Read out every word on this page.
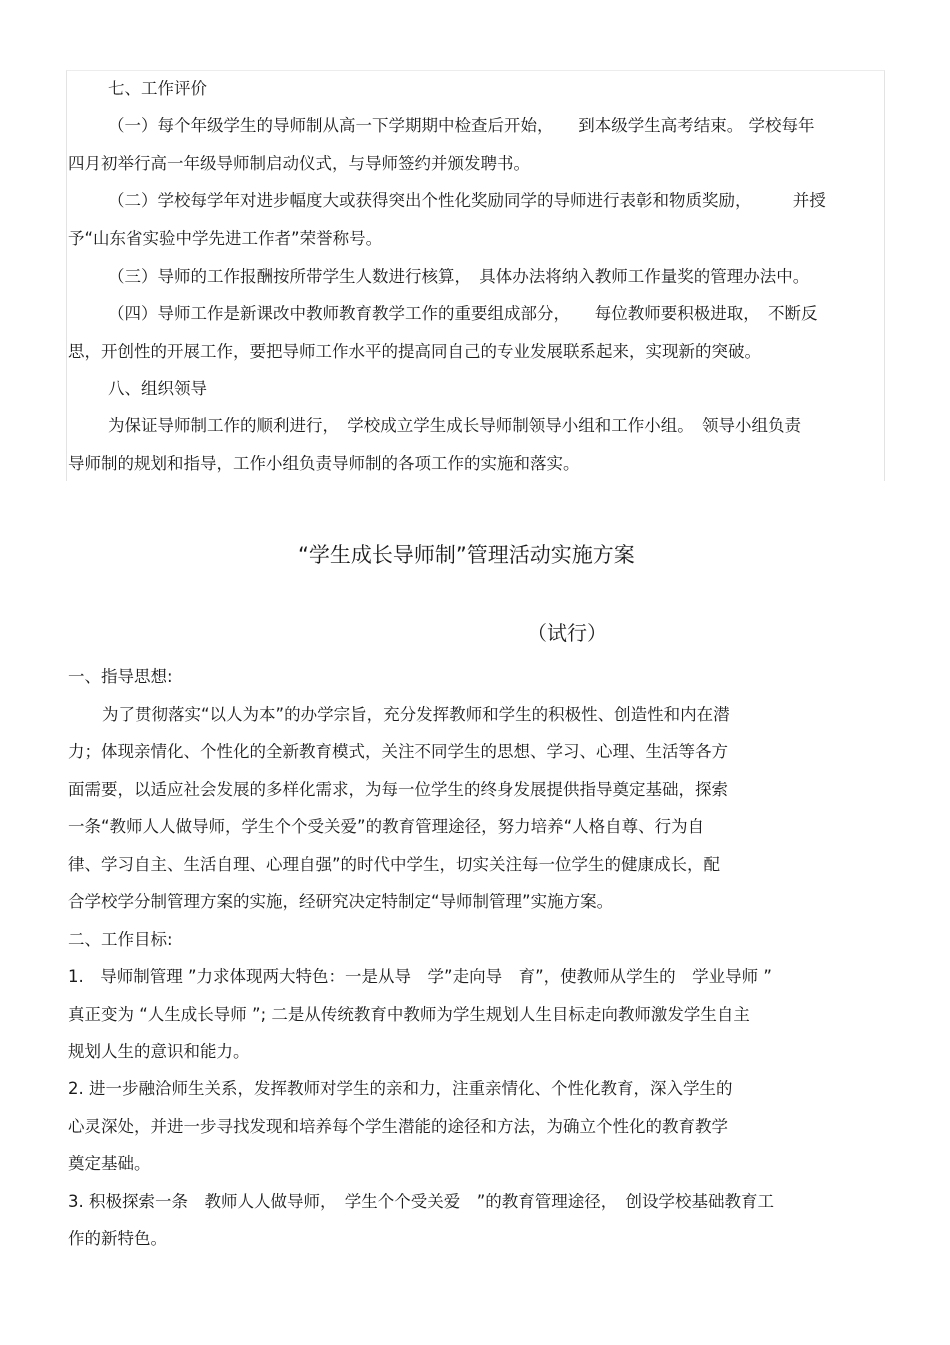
七、工作评价
（一）每个年级学生的导师制从高一下学期期中检查后开始，　　到本级学生高考结束。 学校每年
四月初举行高一年级导师制启动仪式，与导师签约并颁发聘书。
（二）学校每学年对进步幅度大或获得突出个性化奖励同学的导师进行表彰和物质奖励，　　　并授
予“山东省实验中学先进工作者”荣誉称号。
（三）导师的工作报酬按所带学生人数进行核算，　具体办法将纳入教师工作量奖的管理办法中。
（四）导师工作是新课改中教师教育教学工作的重要组成部分，　　每位教师要积极进取，　不断反
思，开创性的开展工作，要把导师工作水平的提高同自己的专业发展联系起来，实现新的突破。
八、组织领导
为保证导师制工作的顺利进行，　学校成立学生成长导师制领导小组和工作小组。　领导小组负责
导师制的规划和指导，工作小组负责导师制的各项工作的实施和落实。
“学生成长导师制”管理活动实施方案
（试行）
一、指导思想:
为了贯彻落实“以人为本”的办学宗旨，充分发挥教师和学生的积极性、创造性和内在潜
力；体现亲情化、个性化的全新教育模式，关注不同学生的思想、学习、心理、生活等各方
面需要，以适应社会发展的多样化需求，为每一位学生的终身发展提供指导奠定基础，探索
一条“教师人人做导师，学生个个受关爱”的教育管理途径，努力培养“人格自尊、行为自
律、学习自主、生活自理、心理自强”的时代中学生，切实关注每一位学生的健康成长，配
合学校学分制管理方案的实施，经研究决定特制定“导师制管理”实施方案。
二、工作目标:
1.　导师制管理 ”力求体现两大特色：一是从导　学”走向导　育”，使教师从学生的　学业导师 ”
真正变为 “人生成长导师 ”; 二是从传统教育中教师为学生规划人生目标走向教师激发学生自主
规划人生的意识和能力。
2. 进一步融洽师生关系，发挥教师对学生的亲和力，注重亲情化、个性化教育，深入学生的
心灵深处，并进一步寻找发现和培养每个学生潜能的途径和方法，为确立个性化的教育教学
奠定基础。
3. 积极探索一条　教师人人做导师，　学生个个受关爱　”的教育管理途径，　创设学校基础教育工
作的新特色。
